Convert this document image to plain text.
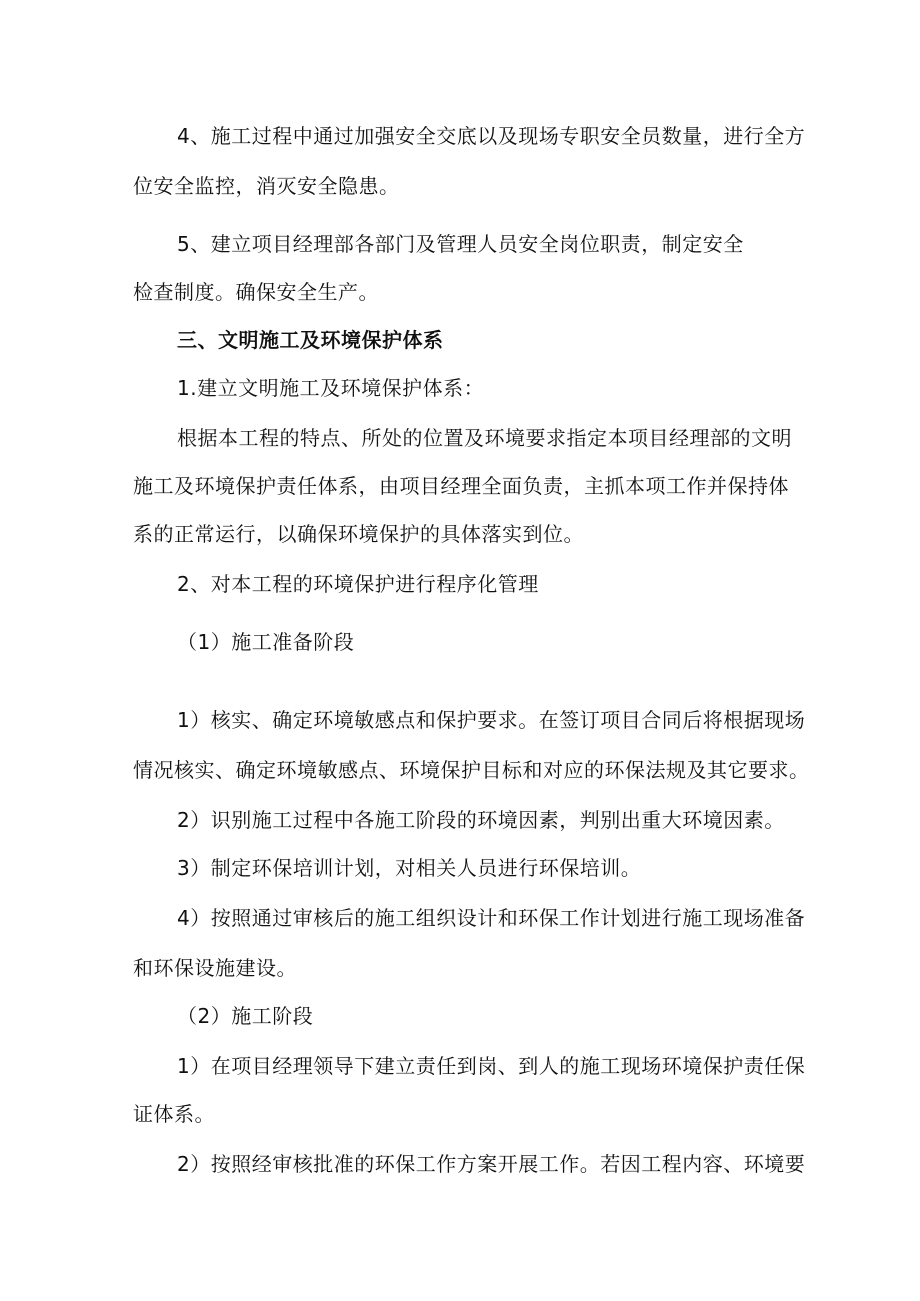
4、施工过程中通过加强安全交底以及现场专职安全员数量，进行全方
位安全监控，消灭安全隐患。
5、建立项目经理部各部门及管理人员安全岗位职责，制定安全
检查制度。确保安全生产。
三、文明施工及环境保护体系
1.建立文明施工及环境保护体系：
根据本工程的特点、所处的位置及环境要求指定本项目经理部的文明
施工及环境保护责任体系，由项目经理全面负责，主抓本项工作并保持体
系的正常运行，以确保环境保护的具体落实到位。
2、对本工程的环境保护进行程序化管理
（1）施工准备阶段
1）核实、确定环境敏感点和保护要求。在签订项目合同后将根据现场
情况核实、确定环境敏感点、环境保护目标和对应的环保法规及其它要求。
2）识别施工过程中各施工阶段的环境因素，判别出重大环境因素。
3）制定环保培训计划，对相关人员进行环保培训。
4）按照通过审核后的施工组织设计和环保工作计划进行施工现场准备
和环保设施建设。
（2）施工阶段
1）在项目经理领导下建立责任到岗、到人的施工现场环境保护责任保
证体系。
2）按照经审核批准的环保工作方案开展工作。若因工程内容、环境要
